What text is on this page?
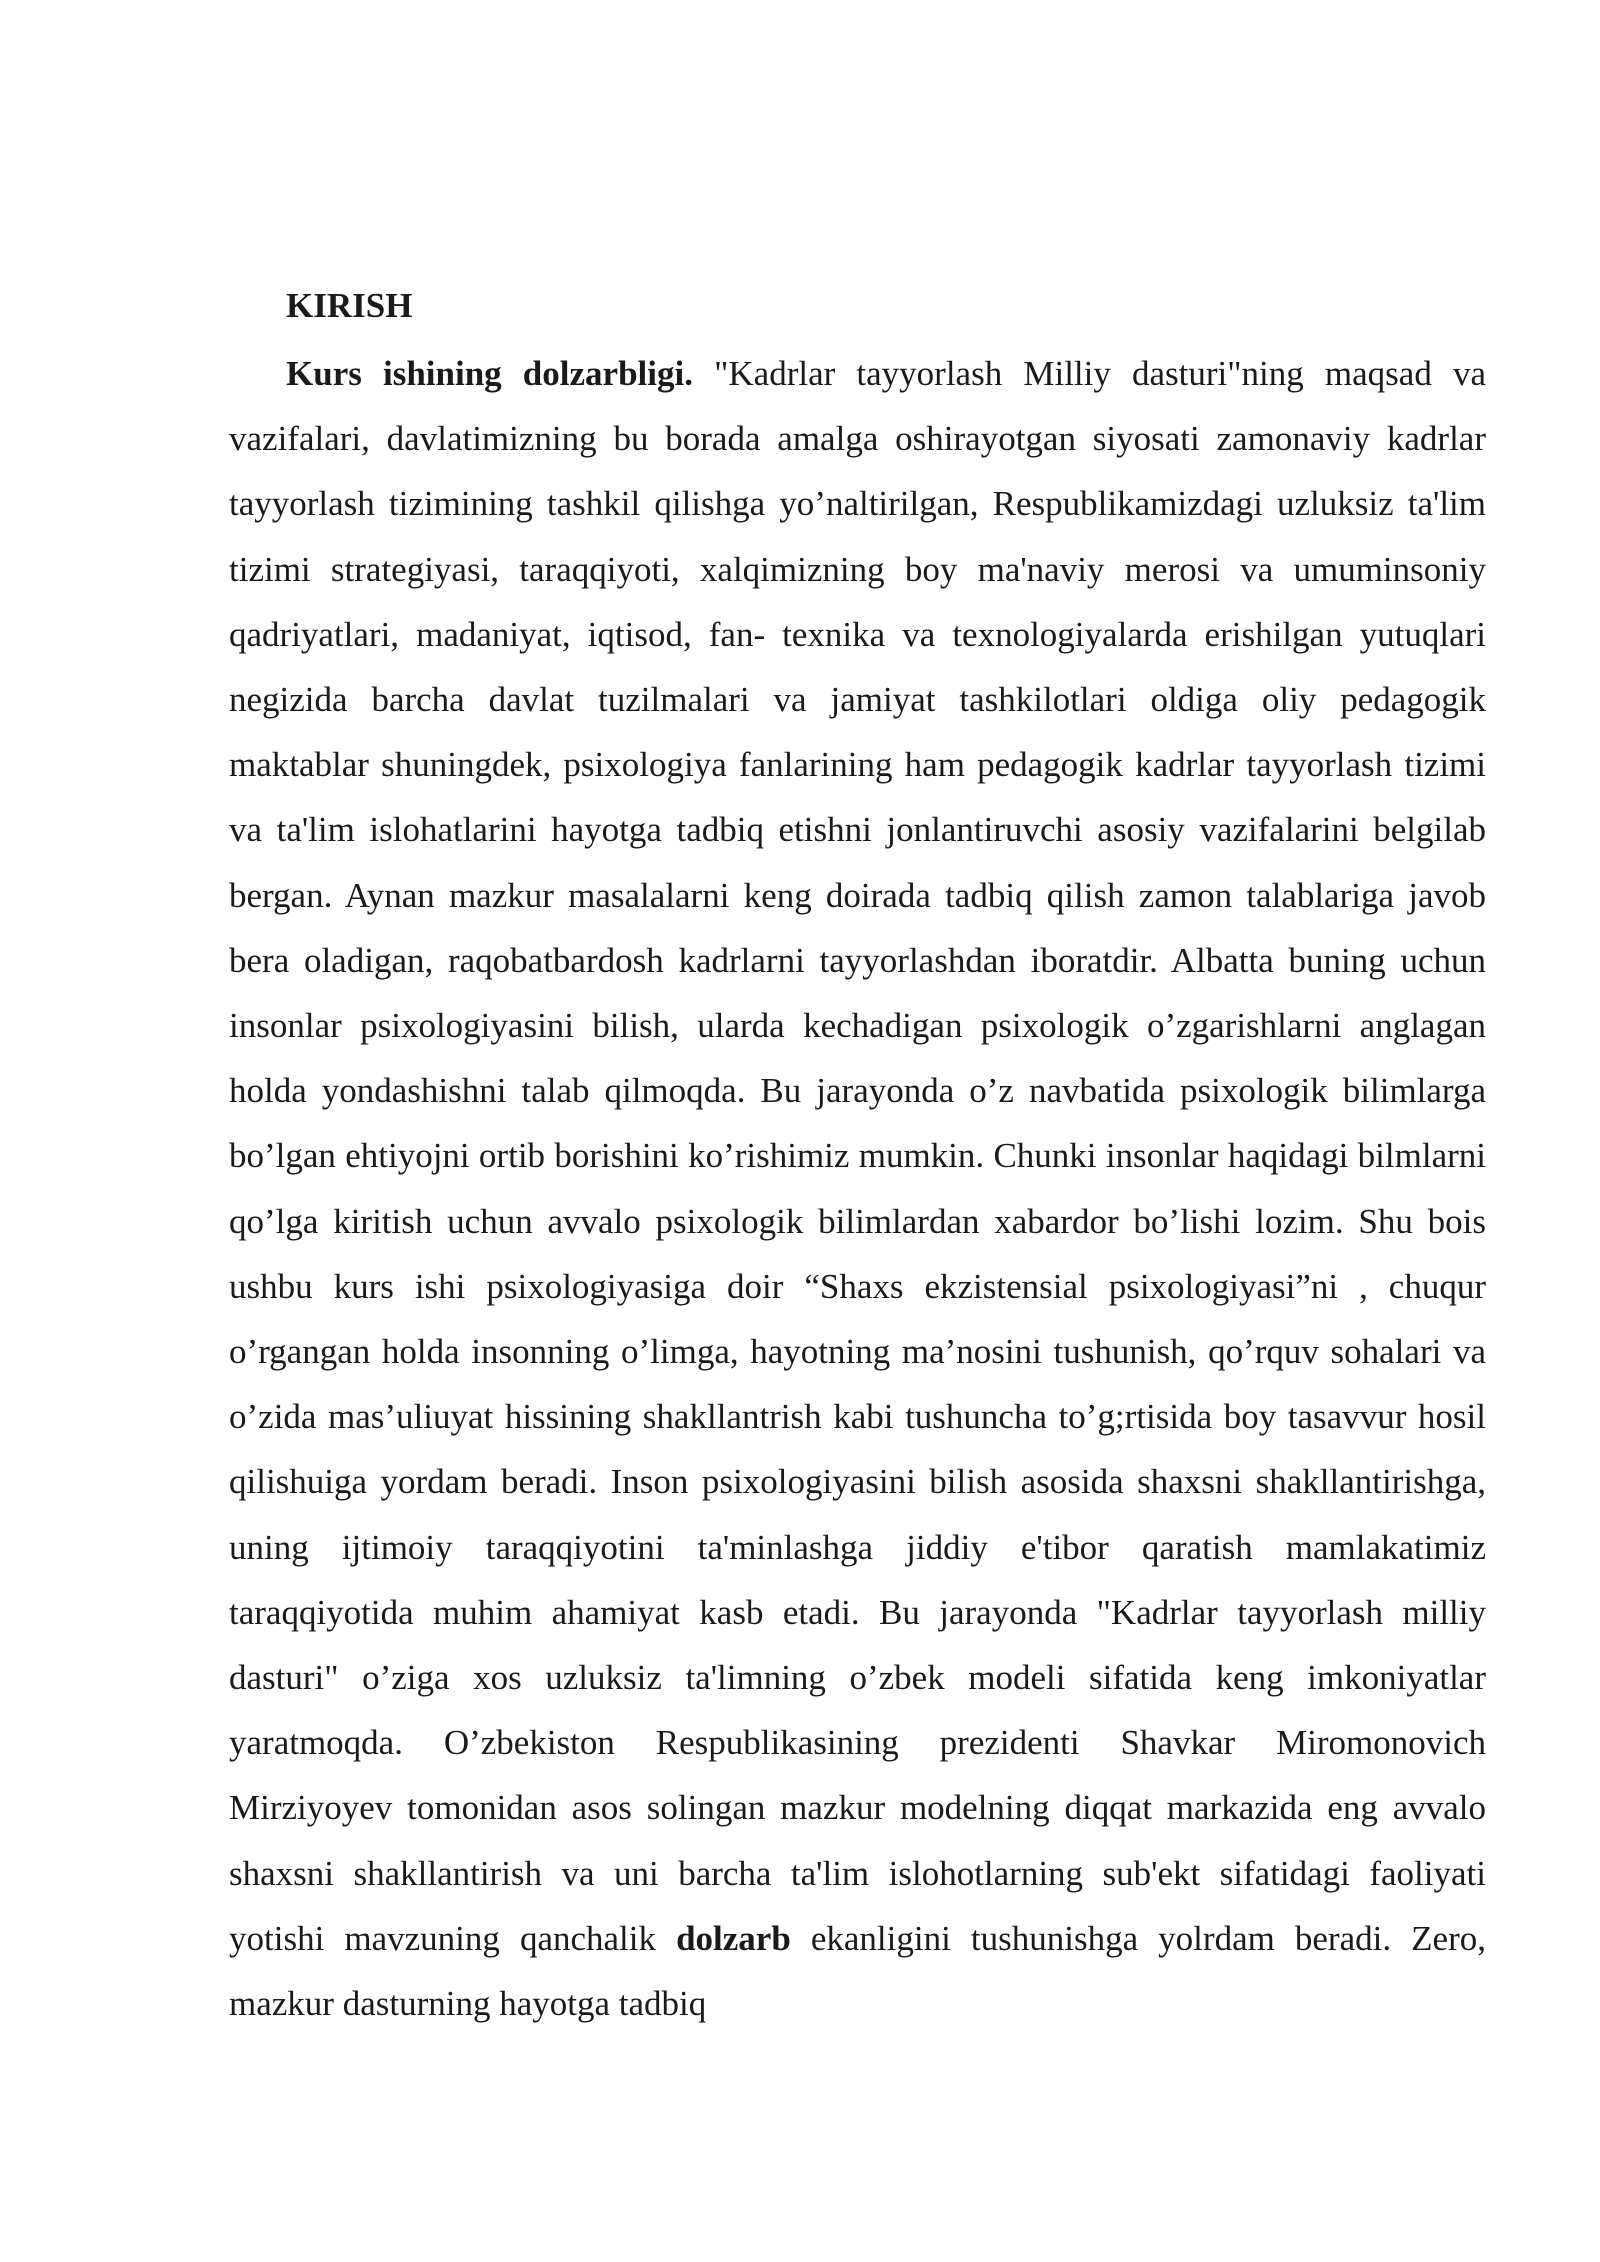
KIRISH

Kurs ishining dolzarbligi. "Kadrlar tayyorlash Milliy dasturi"ning maqsad va vazifalari, davlatimizning bu borada amalga oshirayotgan siyosati zamonaviy kadrlar tayyorlash tizimining tashkil qilishga yo’naltirilgan, Respublikamizdagi uzluksiz ta'lim tizimi strategiyasi, taraqqiyoti, xalqimizning boy ma'naviy merosi va umuminsoniy qadriyatlari, madaniyat, iqtisod, fan- texnika va texnologiyalarda erishilgan yutuqlari negizida barcha davlat tuzilmalari va jamiyat tashkilotlari oldiga oliy pedagogik maktablar shuningdek, psixologiya fanlarining ham pedagogik kadrlar tayyorlash tizimi va ta'lim islohatlarini hayotga tadbiq etishni jonlantiruvchi asosiy vazifalarini belgilab bergan. Aynan mazkur masalalarni keng doirada tadbiq qilish zamon talablariga javob bera oladigan, raqobatbardosh kadrlarni tayyorlashdan iboratdir. Albatta buning uchun insonlar psixologiyasini bilish, ularda kechadigan psixologik o’zgarishlarni anglagan holda yondashishni talab qilmoqda. Bu jarayonda o’z navbatida psixologik bilimlarga bo’lgan ehtiyojni ortib borishini ko’rishimiz mumkin. Chunki insonlar haqidagi bilmlarni qo’lga kiritish uchun avvalo psixologik bilimlardan xabardor bo’lishi lozim. Shu bois ushbu kurs ishi psixologiyasiga doir “Shaxs ekzistensial psixologiyasi”ni , chuqur o’rgangan holda insonning o’limga, hayotning ma’nosini tushunish, qo’rquv sohalari va o’zida mas’uliuyat hissining shakllantrish kabi tushuncha to’g;rtisida boy tasavvur hosil qilishuiga yordam beradi. Inson psixologiyasini bilish asosida shaxsni shakllantirishga, uning ijtimoiy taraqqiyotini ta'minlashga jiddiy e'tibor qaratish mamlakatimiz taraqqiyotida muhim ahamiyat kasb etadi. Bu jarayonda "Kadrlar tayyorlash milliy dasturi" o’ziga xos uzluksiz ta'limning o’zbek modeli sifatida keng imkoniyatlar yaratmoqda. O’zbekiston Respublikasining prezidenti Shavkar Miromonovich Mirziyoyev tomonidan asos solingan mazkur modelning diqqat markazida eng avvalo shaxsni shakllantirish va uni barcha ta'lim islohotlarning sub'ekt sifatidagi faoliyati yotishi mavzuning qanchalik dolzarb ekanligini tushunishga yolrdam beradi. Zero, mazkur dasturning hayotga tadbiq
